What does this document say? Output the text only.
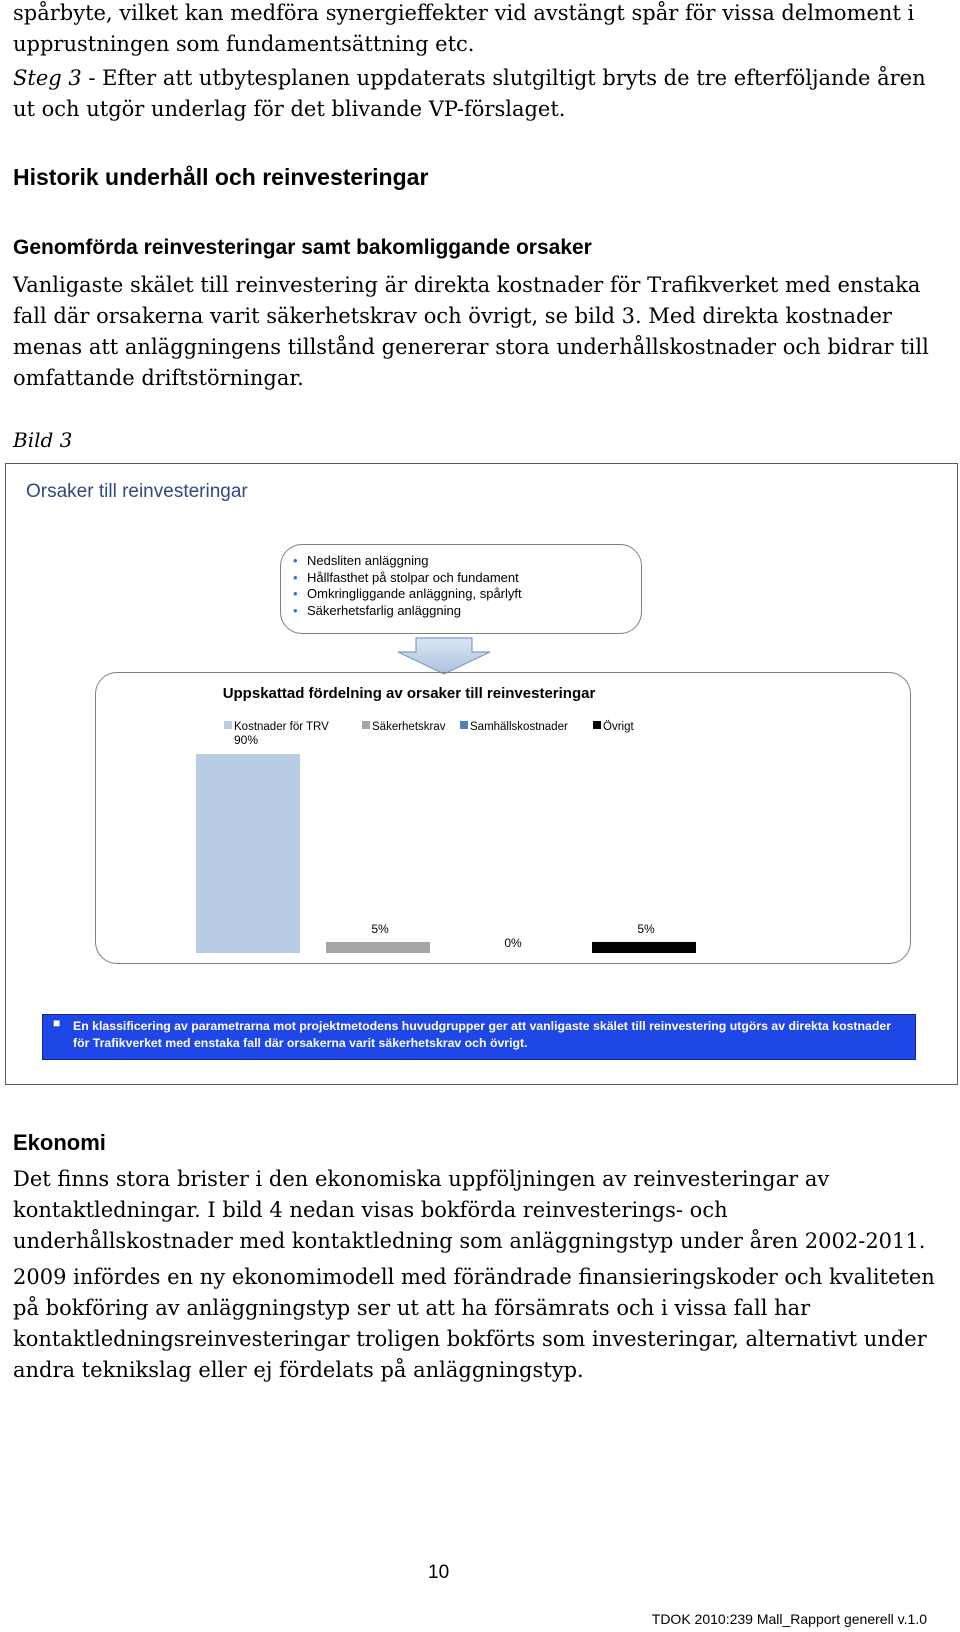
spårbyte, vilket kan medföra synergieffekter vid avstängt spår för vissa delmoment i
upprustningen som fundamentsättning etc.

Steg 3 - Efter att utbytesplanen uppdaterats slutgiltigt bryts de tre efterföljande åren ut och utgör underlag för det blivande VP-förslaget.

Historik underhåll och reinvesteringar
Genomförda reinvesteringar samt bakomliggande orsaker

Vanligaste skälet till reinvestering är direkta kostnader för Trafikverket med enstaka fall där orsakerna varit säkerhetskrav och övrigt, se bild 3. Med direkta kostnader menas att anläggningens tillstånd genererar stora underhållskostnader och bidrar till omfattande driftstörningar.

Bild 3
Orsaker till reinvesteringar
• Nedsliten anläggning
• Hållfasthet på stolpar och fundament
• Omkringliggande anläggning, spårlyft
• Säkerhetsfarlig anläggning
Uppskattad fördelning av orsaker till reinvesteringar
Kostnader för TRV	Säkerhetskrav Samhällskostnader	Övrigt
90%
5%
0%
5%
■ En klassificering av parametrarna mot projektmetodens huvudgrupper ger att vanligaste skälet till reinvestering utgörs av direkta kostnader för Trafikverket med enstaka fall där orsakerna varit säkerhetskrav och övrigt.
Ekonomi

Det finns stora brister i den ekonomiska uppföljningen av reinvesteringar av kontaktledningar. I bild 4 nedan visas bokförda reinvesterings- och underhållskostnader med kontaktledning som anläggningstyp under åren 2002-2011.

2009 infördes en ny ekonomimodell med förändrade finansieringskoder och kvaliteten på bokföring av anläggningstyp ser ut att ha försämrats och i vissa fall har kontaktledningsreinvesteringar troligen bokförts som investeringar, alternativt under andra teknikslag eller ej fördelats på anläggningstyp.

10
TDOK 2010:239 Mall_Rapport generell v.1.0
